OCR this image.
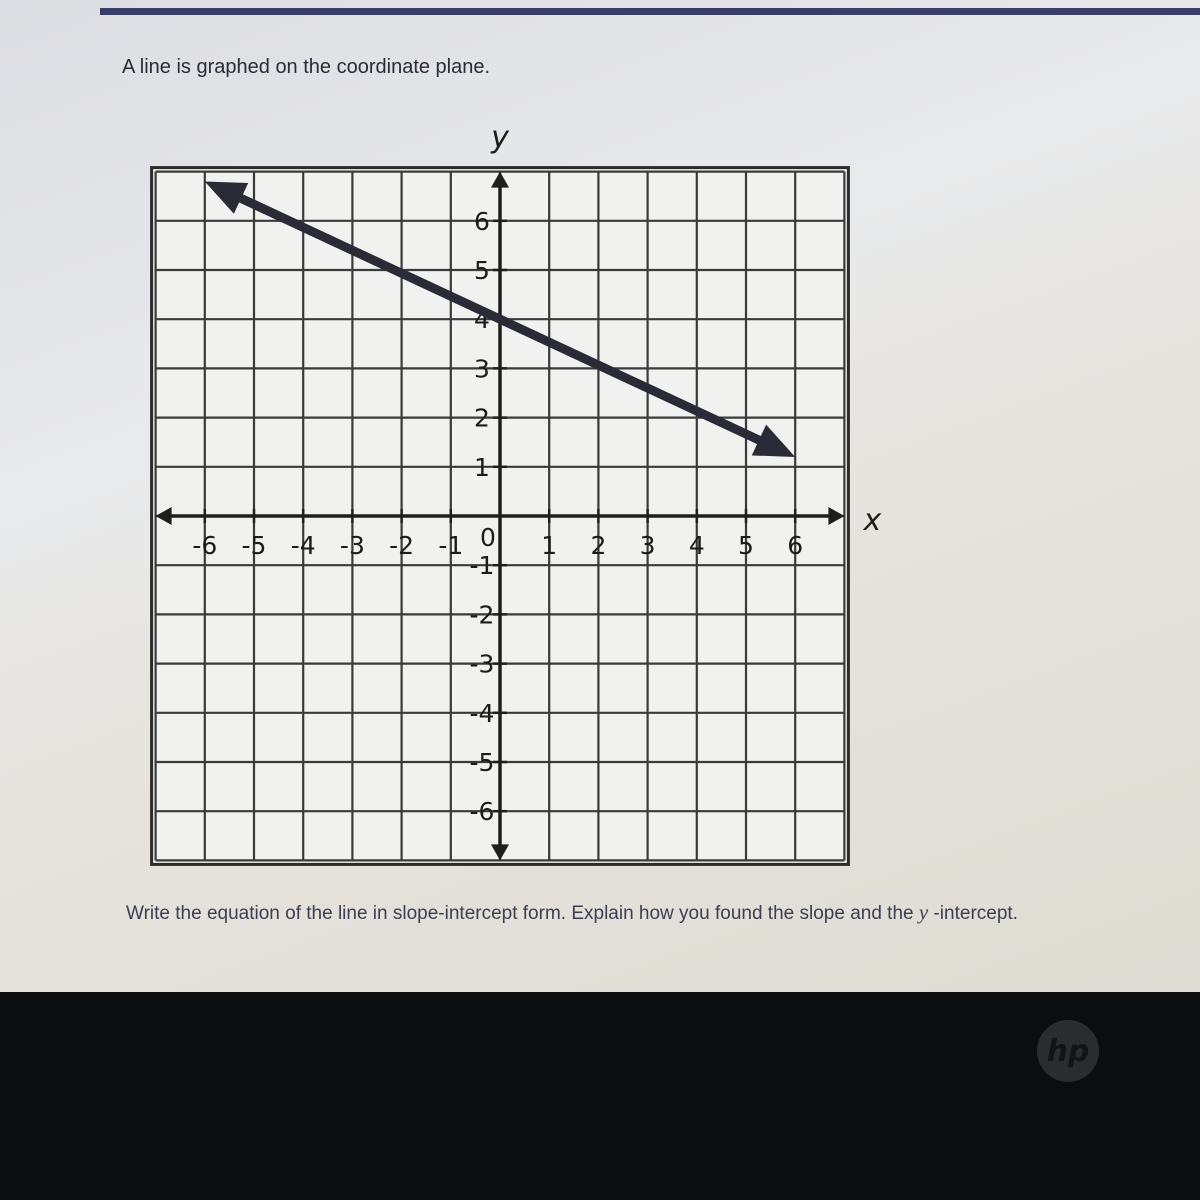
A line is graphed on the coordinate plane.
-6 -5 -4 -3 -2 -1	1 2 3 4 5 6
-6
-5
-4
-3
-2
-1
1
2
3
4
5
6
0	x
y
Write the equation of the line in slope-intercept form. Explain how you found the slope and the y -intercept.
hp
